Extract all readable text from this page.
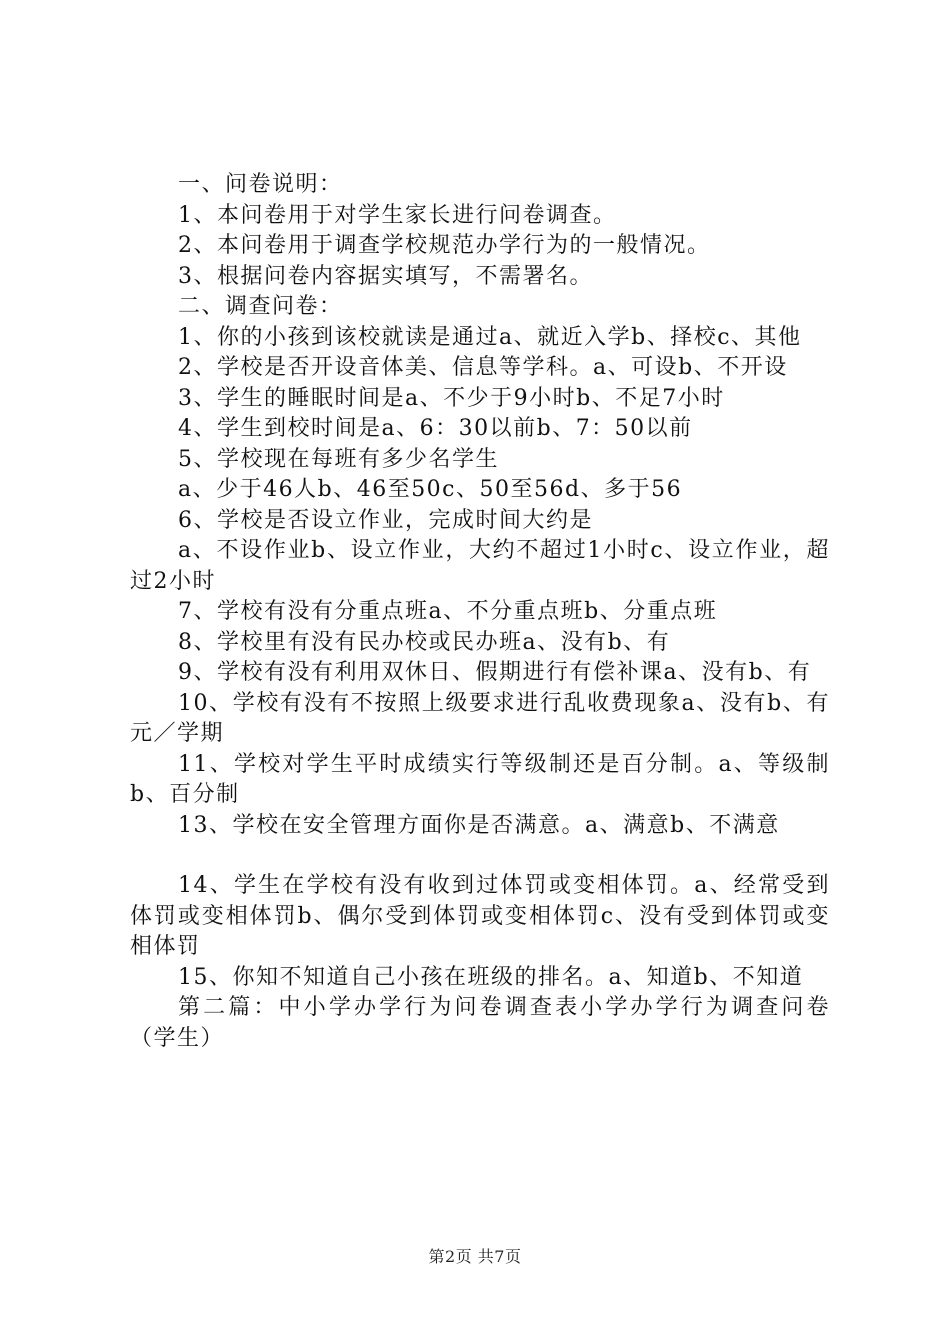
一、问卷说明：

1、本问卷用于对学生家长进行问卷调查。

2、本问卷用于调查学校规范办学行为的一般情况。

3、根据问卷内容据实填写，不需署名。

二、调查问卷：

1、你的小孩到该校就读是通过a、就近入学b、择校c、其他

2、学校是否开设音体美、信息等学科。a、可设b、不开设

3、学生的睡眠时间是a、不少于9小时b、不足7小时

4、学生到校时间是a、6：30以前b、7：50以前

5、学校现在每班有多少名学生

a、少于46人b、46至50c、50至56d、多于56

6、学校是否设立作业，完成时间大约是

a、不设作业b、设立作业，大约不超过1小时c、设立作业，超过2小时

7、学校有没有分重点班a、不分重点班b、分重点班

8、学校里有没有民办校或民办班a、没有b、有

9、学校有没有利用双休日、假期进行有偿补课a、没有b、有

10、学校有没有不按照上级要求进行乱收费现象a、没有b、有元／学期

11、学校对学生平时成绩实行等级制还是百分制。a、等级制b、百分制

13、学校在安全管理方面你是否满意。a、满意b、不满意

14、学生在学校有没有收到过体罚或变相体罚。a、经常受到体罚或变相体罚b、偶尔受到体罚或变相体罚c、没有受到体罚或变相体罚

15、你知不知道自己小孩在班级的排名。a、知道b、不知道

第二篇：中小学办学行为问卷调查表小学办学行为调查问卷（学生）

第2页 共7页
